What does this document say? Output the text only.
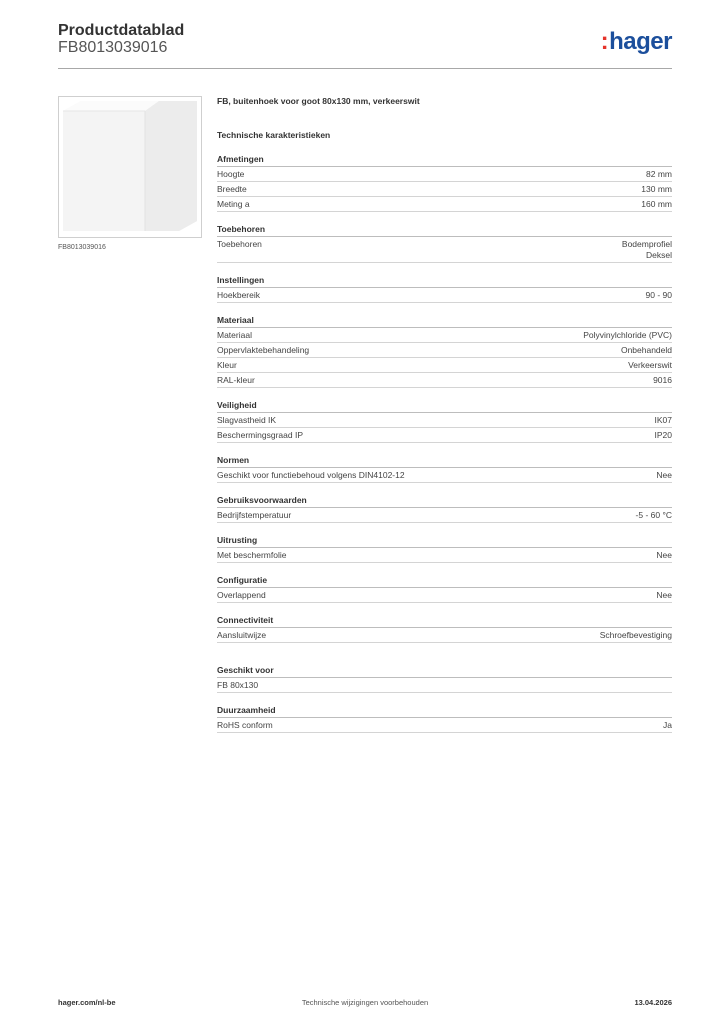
Productdatablad
FB8013039016	:hager
FB8013039016
FB, buitenhoek voor goot 80x130 mm, verkeerswit
Technische karakteristieken
Afmetingen
Hoogte	82 mm
Breedte	130 mm
Meting a	160 mm
Toebehoren
Toebehoren	Bodemprofiel
Deksel
Instellingen
Hoekbereik	90 - 90
Materiaal
Materiaal	Polyvinylchloride (PVC)
Oppervlaktebehandeling	Onbehandeld
Kleur	Verkeerswit
RAL-kleur	9016
Veiligheid
Slagvastheid IK	IK07
Beschermingsgraad IP	IP20
Normen
Geschikt voor functiebehoud volgens DIN4102-12	Nee
Gebruiksvoorwaarden
Bedrijfstemperatuur	-5 - 60 °C
Uitrusting
Met beschermfolie	Nee
Configuratie
Overlappend	Nee
Connectiviteit
Aansluitwijze	Schroefbevestiging
Geschikt voor
FB 80x130
Duurzaamheid
RoHS conform	Ja
Technische wijzigingen voorbehouden
hager.com/nl-be	13.04.2026
